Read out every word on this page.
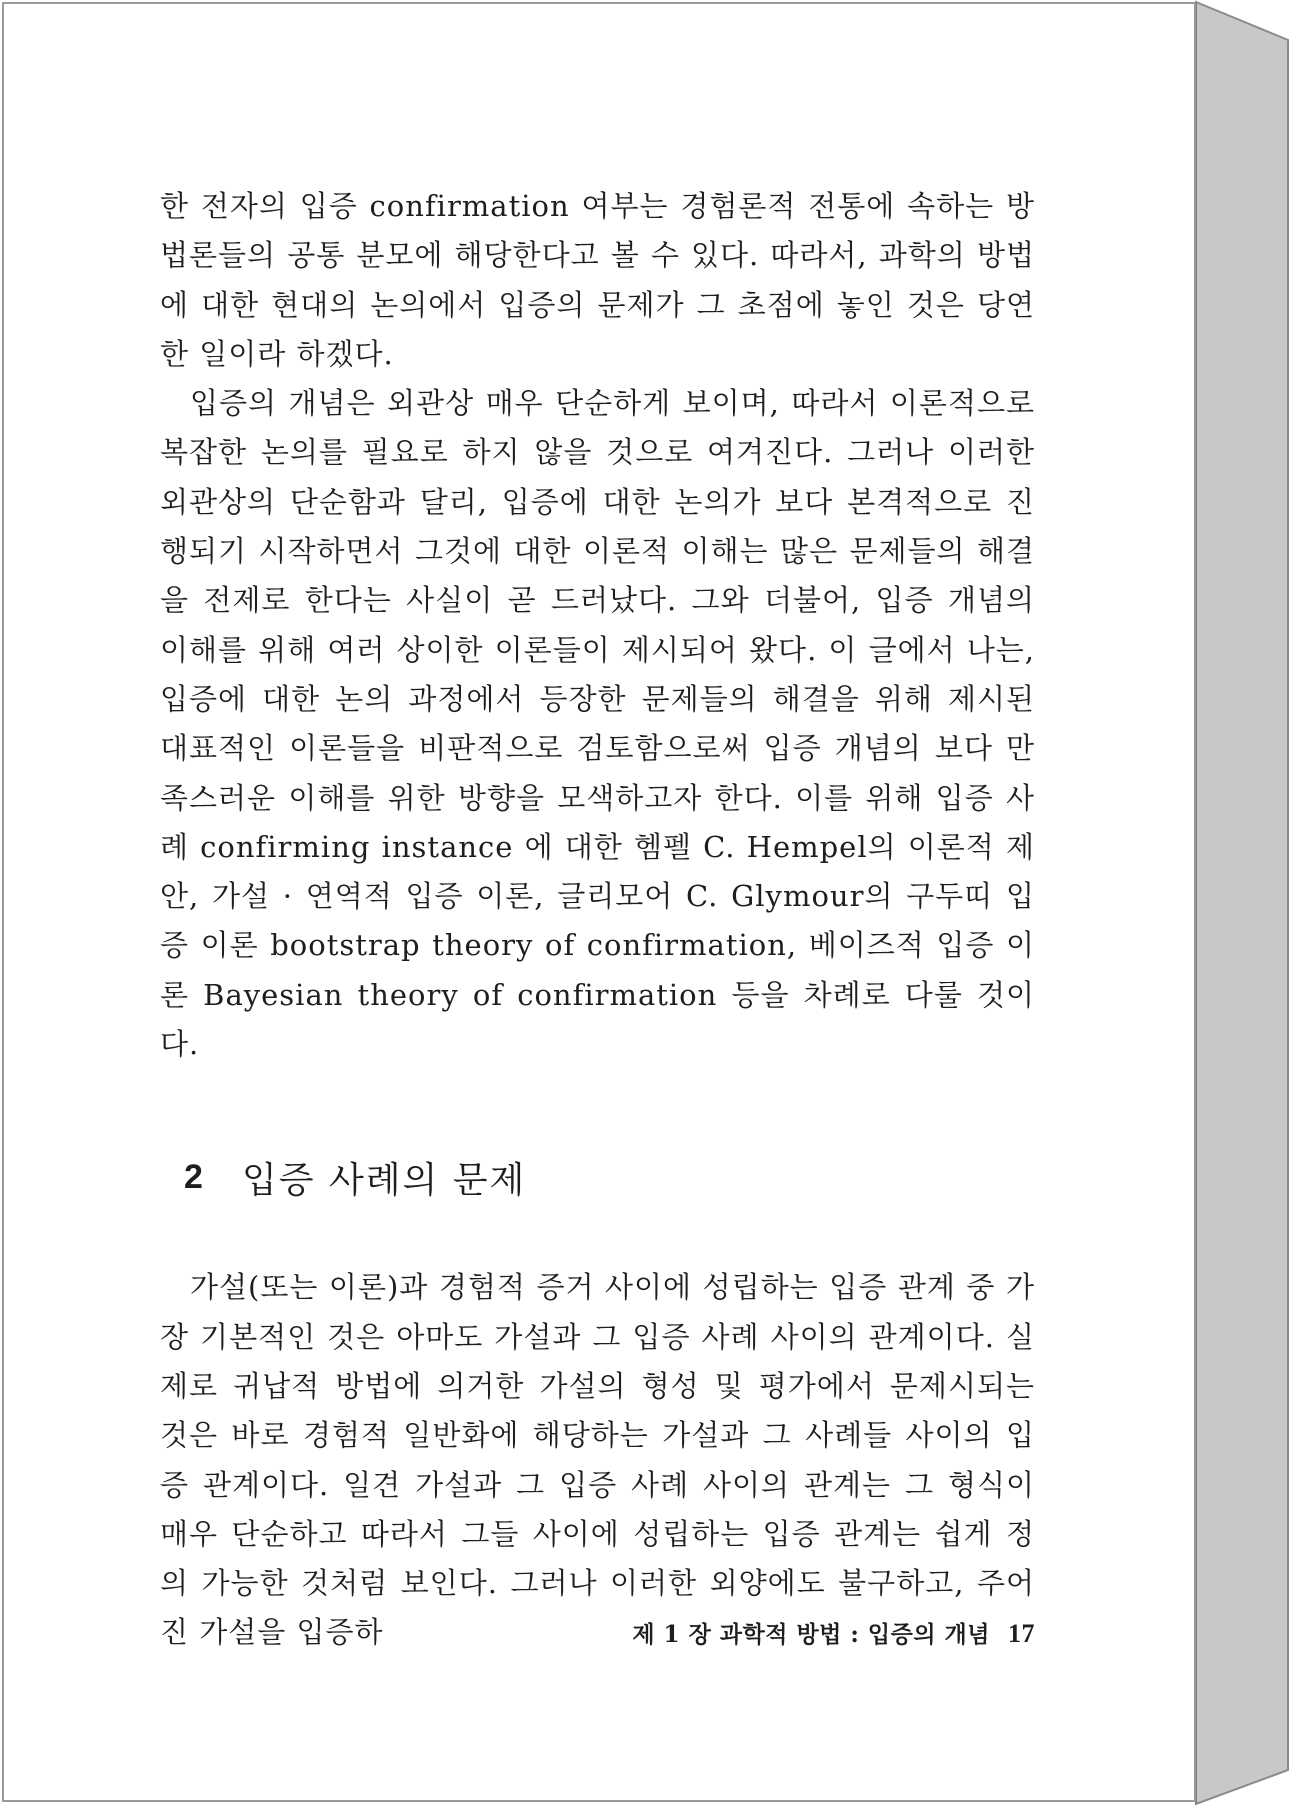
한 전자의 입증 confirmation 여부는 경험론적 전통에 속하는 방법론들의 공통 분모에 해당한다고 볼 수 있다. 따라서, 과학의 방법에 대한 현대의 논의에서 입증의 문제가 그 초점에 놓인 것은 당연한 일이라 하겠다.

입증의 개념은 외관상 매우 단순하게 보이며, 따라서 이론적으로 복잡한 논의를 필요로 하지 않을 것으로 여겨진다. 그러나 이러한 외관상의 단순함과 달리, 입증에 대한 논의가 보다 본격적으로 진행되기 시작하면서 그것에 대한 이론적 이해는 많은 문제들의 해결을 전제로 한다는 사실이 곧 드러났다. 그와 더불어, 입증 개념의 이해를 위해 여러 상이한 이론들이 제시되어 왔다. 이 글에서 나는, 입증에 대한 논의 과정에서 등장한 문제들의 해결을 위해 제시된 대표적인 이론들을 비판적으로 검토함으로써 입증 개념의 보다 만족스러운 이해를 위한 방향을 모색하고자 한다. 이를 위해 입증 사례 confirming instance 에 대한 헴펠 C. Hempel의 이론적 제안, 가설 · 연역적 입증 이론, 글리모어 C. Glymour의 구두띠 입증 이론 bootstrap theory of confirmation, 베이즈적 입증 이론 Bayesian theory of confirmation 등을 차례로 다룰 것이다.

2	입증 사례의 문제

가설(또는 이론)과 경험적 증거 사이에 성립하는 입증 관계 중 가장 기본적인 것은 아마도 가설과 그 입증 사례 사이의 관계이다. 실제로 귀납적 방법에 의거한 가설의 형성 및 평가에서 문제시되는 것은 바로 경험적 일반화에 해당하는 가설과 그 사례들 사이의 입증 관계이다. 일견 가설과 그 입증 사례 사이의 관계는 그 형식이 매우 단순하고 따라서 그들 사이에 성립하는 입증 관계는 쉽게 정의 가능한 것처럼 보인다. 그러나 이러한 외양에도 불구하고, 주어진 가설을 입증하	제 1 장 과학적 방법 : 입증의 개념 17
